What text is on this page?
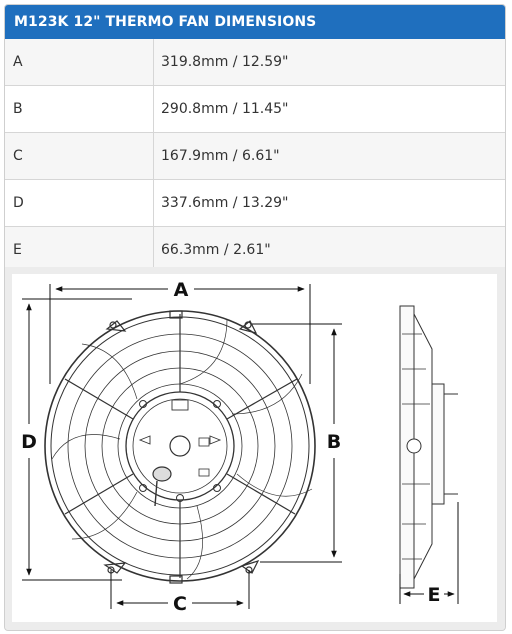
M123K 12" THERMO FAN DIMENSIONS
A	319.8mm / 12.59"
B	290.8mm / 11.45"
C	167.9mm / 6.61"
D	337.6mm / 13.29"
E	66.3mm / 2.61"
A
D	B
C	E
